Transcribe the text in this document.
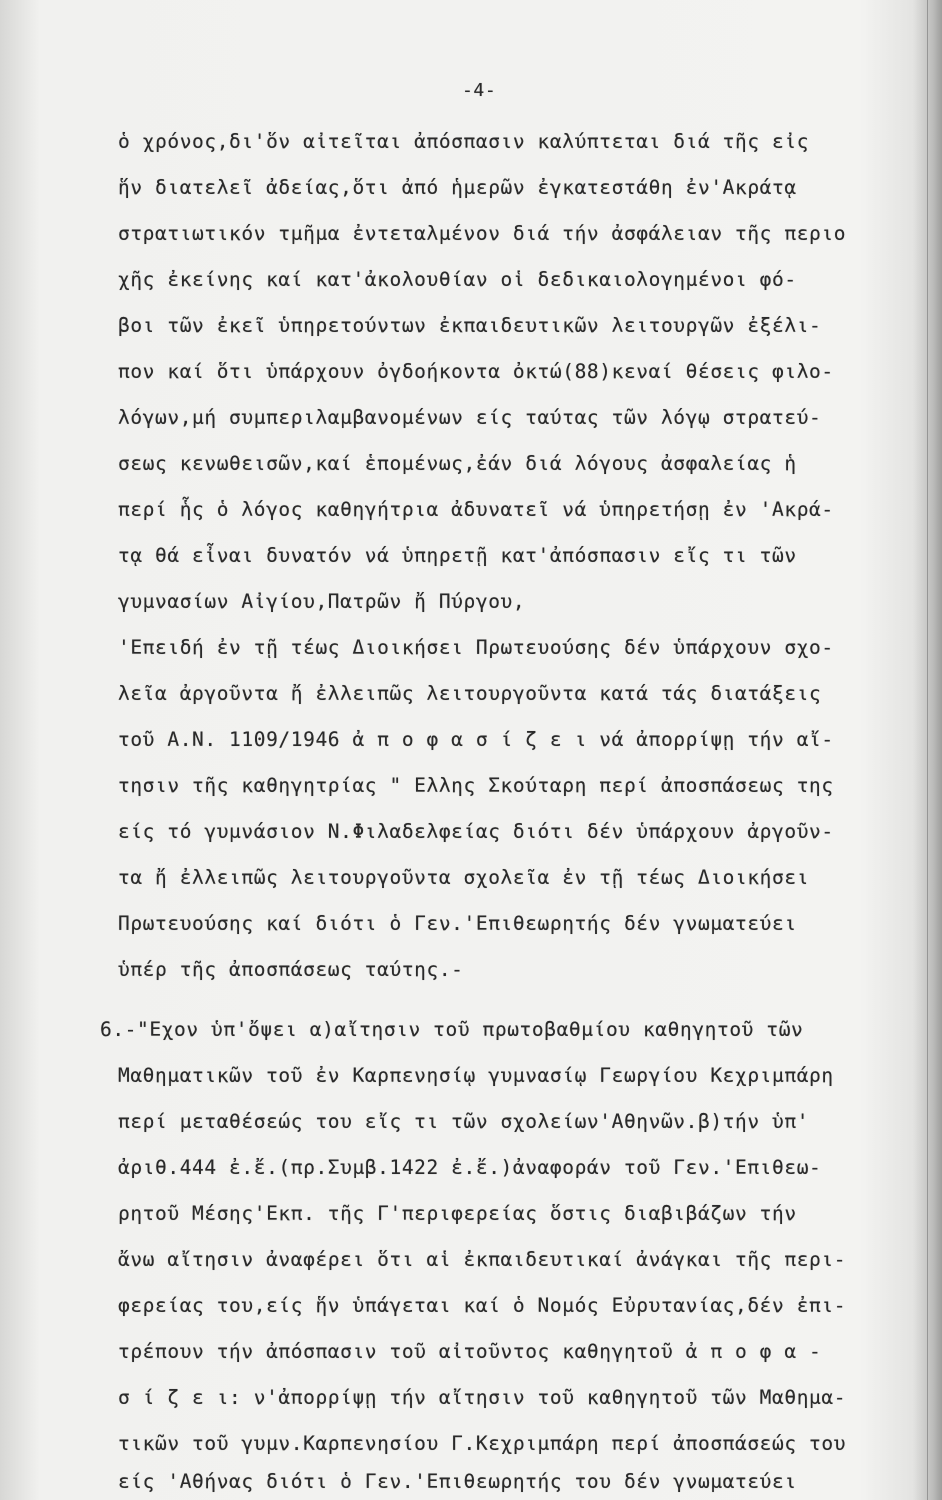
-4-
ὁ χρόνος,δι'ὅν αἰτεῖται ἀπόσπασιν καλύπτεται διά τῆς εἰς
ἥν διατελεῖ ἀδείας,ὅτι ἀπό ἡμερῶν ἐγκατεστάθη ἐν'Ακράτᾳ
στρατιωτικόν τμῆμα ἐντεταλμένον διά τήν ἀσφάλειαν τῆς περιο
χῆς ἐκείνης καί κατ'ἀκολουθίαν οἱ δεδικαιολογημένοι φό-
βοι τῶν ἐκεῖ ὑπηρετούντων ἐκπαιδευτικῶν λειτουργῶν ἐξέλι-
πον καί ὅτι ὑπάρχουν ὀγδοήκοντα ὀκτώ(88)κεναί θέσεις φιλο-
λόγων,μή συμπεριλαμβανομένων είς ταύτας τῶν λόγῳ στρατεύ-
σεως κενωθεισῶν,καί ἑπομένως,ἐάν διά λόγους ἀσφαλείας ἡ
περί ἧς ὁ λόγος καθηγήτρια ἀδυνατεῖ νά ὑπηρετήσῃ ἐν 'Ακρά-
τᾳ θά εἶναι δυνατόν νά ὑπηρετῇ κατ'ἀπόσπασιν εἴς τι τῶν
γυμνασίων Αἰγίου,Πατρῶν ἤ Πύργου,
'Επειδή ἐν τῇ τέως Διοικήσει Πρωτευούσης δέν ὑπάρχουν σχο-
λεῖα ἀργοῦντα ἤ ἐλλειπῶς λειτουργοῦντα κατά τάς διατάξεις
τοῦ Α.Ν. 1109/1946 ἀ π ο φ α σ ί ζ ε ι νά ἀπορρίψῃ τήν αἴ-
τησιν τῆς καθηγητρίας " Ελλης Σκούταρη περί ἀποσπάσεως της
είς τό γυμνάσιον Ν.Φιλαδελφείας διότι δέν ὑπάρχουν ἀργοῦν-
τα ἤ ἐλλειπῶς λειτουργοῦντα σχολεῖα ἐν τῇ τέως Διοικήσει
Πρωτευούσης καί διότι ὁ Γεν.'Επιθεωρητής δέν γνωματεύει
ὑπέρ τῆς ἀποσπάσεως ταύτης.-
6.-"Εχον ὑπ'ὄψει α)αἴτησιν τοῦ πρωτοβαθμίου καθηγητοῦ τῶν
Μαθηματικῶν τοῦ ἐν Καρπενησίῳ γυμνασίῳ Γεωργίου Κεχριμπάρη
περί μεταθέσεώς του εἴς τι τῶν σχολείων'Αθηνῶν.β)τήν ὑπ'
ἀριθ.444 ἐ.ἔ.(πρ.Συμβ.1422 ἐ.ἔ.)ἀναφοράν τοῦ Γεν.'Επιθεω-
ρητοῦ Μέσης'Εκπ. τῆς Γ'περιφερείας ὅστις διαβιβάζων τήν
ἄνω αἴτησιν ἀναφέρει ὅτι αἱ ἐκπαιδευτικαί ἀνάγκαι τῆς περι-
φερείας του,είς ἥν ὑπάγεται καί ὁ Νομός Εὐρυτανίας,δέν ἐπι-
τρέπουν τήν ἀπόσπασιν τοῦ αἰτοῦντος καθηγητοῦ ἀ π ο φ α -
σ ί ζ ε ι: ν'ἀπορρίψῃ τήν αἴτησιν τοῦ καθηγητοῦ τῶν Μαθημα-
τικῶν τοῦ γυμν.Καρπενησίου Γ.Κεχριμπάρη περί ἀποσπάσεώς του
είς 'Αθήνας διότι ὁ Γεν.'Επιθεωρητής του δέν γνωματεύει
